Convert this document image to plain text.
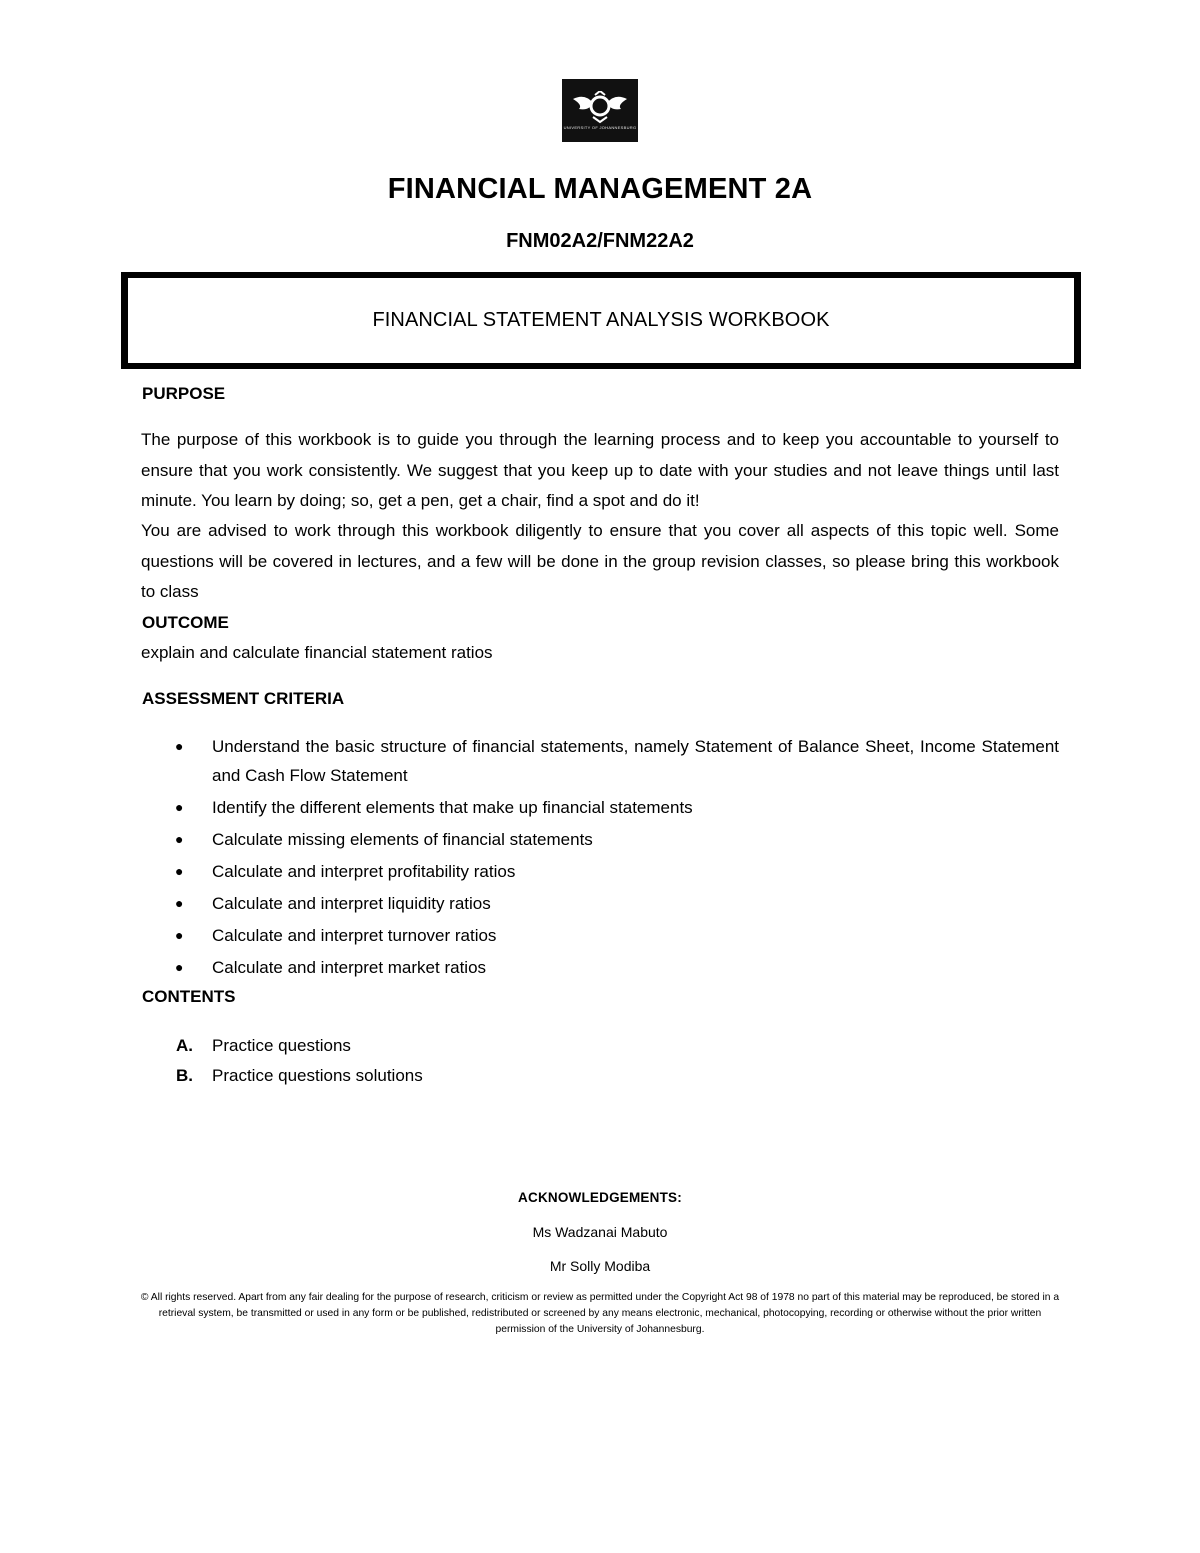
UNIVERSITY OF JOHANNESBURG
FINANCIAL MANAGEMENT 2A
FNM02A2/FNM22A2
FINANCIAL STATEMENT ANALYSIS WORKBOOK
PURPOSE
The purpose of this workbook is to guide you through the learning process and to keep you accountable to yourself to ensure that you work consistently. We suggest that you keep up to date with your studies and not leave things until last minute. You learn by doing; so, get a pen, get a chair, find a spot and do it!
You are advised to work through this workbook diligently to ensure that you cover all aspects of this topic well. Some questions will be covered in lectures, and a few will be done in the group revision classes, so please bring this workbook to class
OUTCOME
explain and calculate financial statement ratios
ASSESSMENT CRITERIA
● Understand the basic structure of financial statements, namely Statement of Balance Sheet, Income Statement and Cash Flow Statement
● Identify the different elements that make up financial statements
● Calculate missing elements of financial statements
● Calculate and interpret profitability ratios
● Calculate and interpret liquidity ratios
● Calculate and interpret turnover ratios
● Calculate and interpret market ratios
CONTENTS
A. Practice questions
B. Practice questions solutions
ACKNOWLEDGEMENTS:
Ms Wadzanai Mabuto
Mr Solly Modiba
© All rights reserved. Apart from any fair dealing for the purpose of research, criticism or review as permitted under the Copyright Act 98 of 1978 no part of this material may be reproduced, be stored in a retrieval system, be transmitted or used in any form or be published, redistributed or screened by any means electronic, mechanical, photocopying, recording or otherwise without the prior written permission of the University of Johannesburg.
